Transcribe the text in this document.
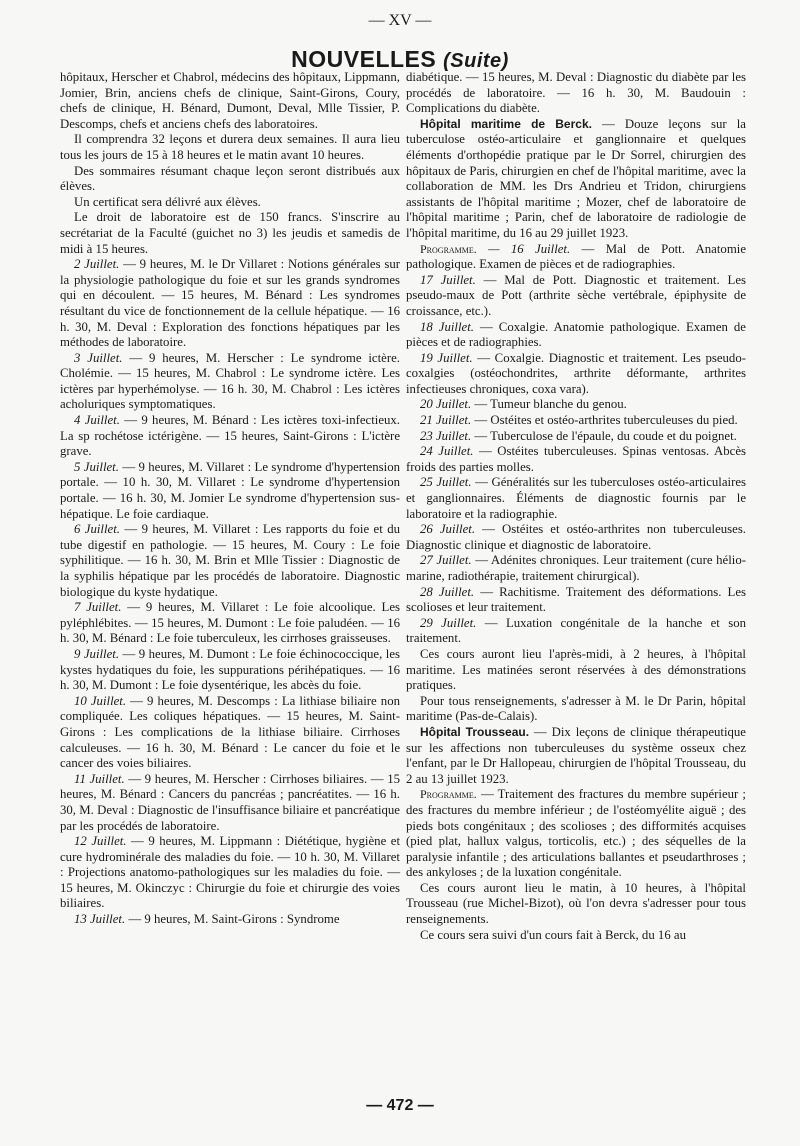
— XV —
NOUVELLES (Suite)

hôpitaux, Herscher et Chabrol, médecins des hôpitaux, Lippmann, Jomier, Brin, anciens chefs de clinique, Saint-Girons, Coury, chefs de clinique, H. Bénard, Dumont, Deval, Mlle Tissier, P. Descomps, chefs et anciens chefs des laboratoires.

Il comprendra 32 leçons et durera deux semaines. Il aura lieu tous les jours de 15 à 18 heures et le matin avant 10 heures.

Des sommaires résumant chaque leçon seront distribués aux élèves.

Un certificat sera délivré aux élèves.

Le droit de laboratoire est de 150 francs. S'inscrire au secrétariat de la Faculté (guichet no 3) les jeudis et samedis de midi à 15 heures.

2 Juillet. — 9 heures, M. le Dr Villaret : Notions générales sur la physiologie pathologique du foie et sur les grands syndromes qui en découlent. — 15 heures, M. Bénard : Les syndromes résultant du vice de fonctionnement de la cellule hépatique. — 16 h. 30, M. Deval : Exploration des fonctions hépatiques par les méthodes de laboratoire.

3 Juillet. — 9 heures, M. Herscher : Le syndrome ictère. Cholémie. — 15 heures, M. Chabrol : Le syndrome ictère. Les ictères par hyperhémolyse. — 16 h. 30, M. Chabrol : Les ictères acholuriques symptomatiques.

4 Juillet. — 9 heures, M. Bénard : Les ictères toxi-infectieux. La sp rochétose ictérigène. — 15 heures, Saint-Girons : L'ictère grave.

5 Juillet. — 9 heures, M. Villaret : Le syndrome d'hypertension portale. — 10 h. 30, M. Villaret : Le syndrome d'hypertension portale. — 16 h. 30, M. Jomier Le syndrome d'hypertension sus-hépatique. Le foie cardiaque.

6 Juillet. — 9 heures, M. Villaret : Les rapports du foie et du tube digestif en pathologie. — 15 heures, M. Coury : Le foie syphilitique. — 16 h. 30, M. Brin et Mlle Tissier : Diagnostic de la syphilis hépatique par les procédés de laboratoire. Diagnostic biologique du kyste hydatique.

7 Juillet. — 9 heures, M. Villaret : Le foie alcoolique. Les pyléphlébites. — 15 heures, M. Dumont : Le foie paludéen. — 16 h. 30, M. Bénard : Le foie tuberculeux, les cirrhoses graisseuses.

9 Juillet. — 9 heures, M. Dumont : Le foie échinococcique, les kystes hydatiques du foie, les suppurations périhépatiques. — 16 h. 30, M. Dumont : Le foie dysentérique, les abcès du foie.

10 Juillet. — 9 heures, M. Descomps : La lithiase biliaire non compliquée. Les coliques hépatiques. — 15 heures, M. Saint-Girons : Les complications de la lithiase biliaire. Cirrhoses calculeuses. — 16 h. 30, M. Bénard : Le cancer du foie et le cancer des voies biliaires.

11 Juillet. — 9 heures, M. Herscher : Cirrhoses biliaires. — 15 heures, M. Bénard : Cancers du pancréas ; pancréatites. — 16 h. 30, M. Deval : Diagnostic de l'insuffisance biliaire et pancréatique par les procédés de laboratoire.

12 Juillet. — 9 heures, M. Lippmann : Diététique, hygiène et cure hydrominérale des maladies du foie. — 10 h. 30, M. Villaret : Projections anatomo-pathologiques sur les maladies du foie. — 15 heures, M. Okinczyc : Chirurgie du foie et chirurgie des voies biliaires.

13 Juillet. — 9 heures, M. Saint-Girons : Syndrome

diabétique. — 15 heures, M. Deval : Diagnostic du diabète par les procédés de laboratoire. — 16 h. 30, M. Baudouin : Complications du diabète.

Hôpital maritime de Berck. — Douze leçons sur la tuberculose ostéo-articulaire et ganglionnaire et quelques éléments d'orthopédie pratique par le Dr Sorrel, chirurgien des hôpitaux de Paris, chirurgien en chef de l'hôpital maritime, avec la collaboration de MM. les Drs Andrieu et Tridon, chirurgiens assistants de l'hôpital maritime ; Mozer, chef de laboratoire de l'hôpital maritime ; Parin, chef de laboratoire de radiologie de l'hôpital maritime, du 16 au 29 juillet 1923.

Programme. — 16 Juillet. — Mal de Pott. Anatomie pathologique. Examen de pièces et de radiographies.

17 Juillet. — Mal de Pott. Diagnostic et traitement. Les pseudo-maux de Pott (arthrite sèche vertébrale, épiphysite de croissance, etc.).

18 Juillet. — Coxalgie. Anatomie pathologique. Examen de pièces et de radiographies.

19 Juillet. — Coxalgie. Diagnostic et traitement. Les pseudo-coxalgies (ostéochondrites, arthrite déformante, arthrites infectieuses chroniques, coxa vara).

20 Juillet. — Tumeur blanche du genou.

21 Juillet. — Ostéites et ostéo-arthrites tuberculeuses du pied.

23 Juillet. — Tuberculose de l'épaule, du coude et du poignet.

24 Juillet. — Ostéites tuberculeuses. Spinas ventosas. Abcès froids des parties molles.

25 Juillet. — Généralités sur les tuberculoses ostéo-articulaires et ganglionnaires. Éléments de diagnostic fournis par le laboratoire et la radiographie.

26 Juillet. — Ostéites et ostéo-arthrites non tuberculeuses. Diagnostic clinique et diagnostic de laboratoire.

27 Juillet. — Adénites chroniques. Leur traitement (cure hélio-marine, radiothérapie, traitement chirurgical).

28 Juillet. — Rachitisme. Traitement des déformations. Les scolioses et leur traitement.

29 Juillet. — Luxation congénitale de la hanche et son traitement.

Ces cours auront lieu l'après-midi, à 2 heures, à l'hôpital maritime. Les matinées seront réservées à des démonstrations pratiques.

Pour tous renseignements, s'adresser à M. le Dr Parin, hôpital maritime (Pas-de-Calais).

Hôpital Trousseau. — Dix leçons de clinique thérapeutique sur les affections non tuberculeuses du système osseux chez l'enfant, par le Dr Hallopeau, chirurgien de l'hôpital Trousseau, du 2 au 13 juillet 1923.

Programme. — Traitement des fractures du membre supérieur ; des fractures du membre inférieur ; de l'ostéomyélite aiguë ; des pieds bots congénitaux ; des scolioses ; des difformités acquises (pied plat, hallux valgus, torticolis, etc.) ; des séquelles de la paralysie infantile ; des articulations ballantes et pseudarthroses ; des ankyloses ; de la luxation congénitale.

Ces cours auront lieu le matin, à 10 heures, à l'hôpital Trousseau (rue Michel-Bizot), où l'on devra s'adresser pour tous renseignements.

Ce cours sera suivi d'un cours fait à Berck, du 16 au

— 472 —
